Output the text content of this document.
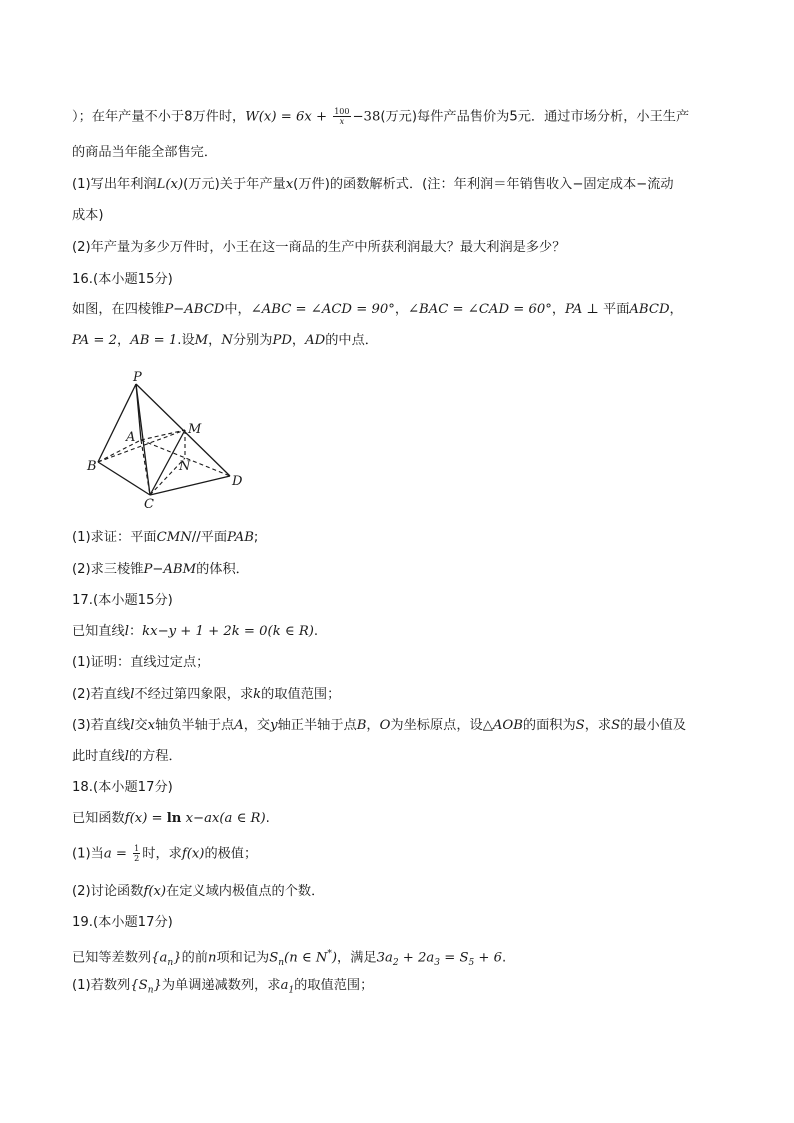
）；在年产量不小于8万件时，$W(x) = 6x + \frac{100}{x} -38$(万元)每件产品售价为5元．通过市场分析，小王生产
的商品当年能全部售完．
(1)写出年利润L(x)(万元)关于年产量x(万件)的函数解析式．(注：年利润＝年销售收入−固定成本−流动
成本)
(2)年产量为多少万件时，小王在这一商品的生产中所获利润最大？最大利润是多少？
16.(本小题15分)
如图，在四棱锥P−ABCD中，∠ABC = ∠ACD = 90°，∠BAC = ∠CAD = 60°，PA ⊥ 平面ABCD，
PA = 2，AB = 1.设M，N分别为PD，AD的中点．
P
A
M
N
B
C
D
(1)求证：平面CMN//平面PAB;
(2)求三棱锥P−ABM的体积．
17.(本小题15分)
已知直线l：kx−y + 1 + 2k = 0(k ∈ R).
(1)证明：直线过定点；
(2)若直线l不经过第四象限，求k的取值范围；
(3)若直线l交x轴负半轴于点A，交y轴正半轴于点B，O为坐标原点，设△AOB的面积为S，求S的最小值及
此时直线l的方程．
18.(本小题17分)
已知函数f(x) = ln x−ax(a ∈ R).
(1)当$a = \frac{1}{2}$ 时，求f(x)的极值；
(2)讨论函数f(x)在定义域内极值点的个数．
19.(本小题17分)
已知等差数列$\{a_n\}$的前n项和记为$S_n(n$ ∈ N*)，满足$3a_2 + 2a_3 = S_5 + 6$.
(1)若数列$\{S_n\}$为单调递减数列，求$a_1$的取值范围；
